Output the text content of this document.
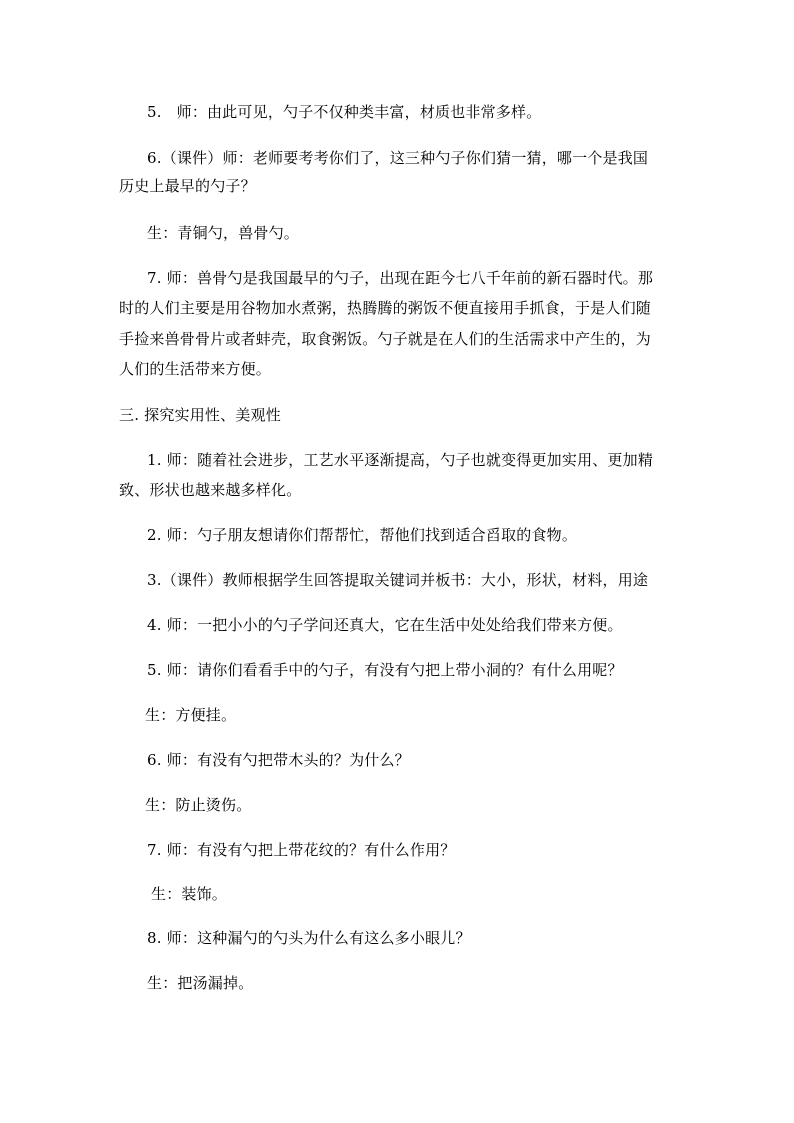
5.   师：由此可见，勺子不仅种类丰富，材质也非常多样。
6.（课件）师：老师要考考你们了，这三种勺子你们猜一猜，哪一个是我国
历史上最早的勺子？
生：青铜勺，兽骨勺。
7. 师：兽骨勺是我国最早的勺子，出现在距今七八千年前的新石器时代。那
时的人们主要是用谷物加水煮粥，热腾腾的粥饭不便直接用手抓食，于是人们随
手捡来兽骨骨片或者蚌壳，取食粥饭。勺子就是在人们的生活需求中产生的，为
人们的生活带来方便。
三. 探究实用性、美观性
1. 师：随着社会进步，工艺水平逐渐提高，勺子也就变得更加实用、更加精
致、形状也越来越多样化。
2. 师：勺子朋友想请你们帮帮忙，帮他们找到适合舀取的食物。
3.（课件）教师根据学生回答提取关键词并板书：大小，形状，材料，用途
4. 师：一把小小的勺子学问还真大，它在生活中处处给我们带来方便。
5. 师：请你们看看手中的勺子，有没有勺把上带小洞的？有什么用呢？
生：方便挂。
6. 师：有没有勺把带木头的？为什么？
生：防止烫伤。
7. 师：有没有勺把上带花纹的？有什么作用？
生：装饰。
8. 师：这种漏勺的勺头为什么有这么多小眼儿？
生：把汤漏掉。
